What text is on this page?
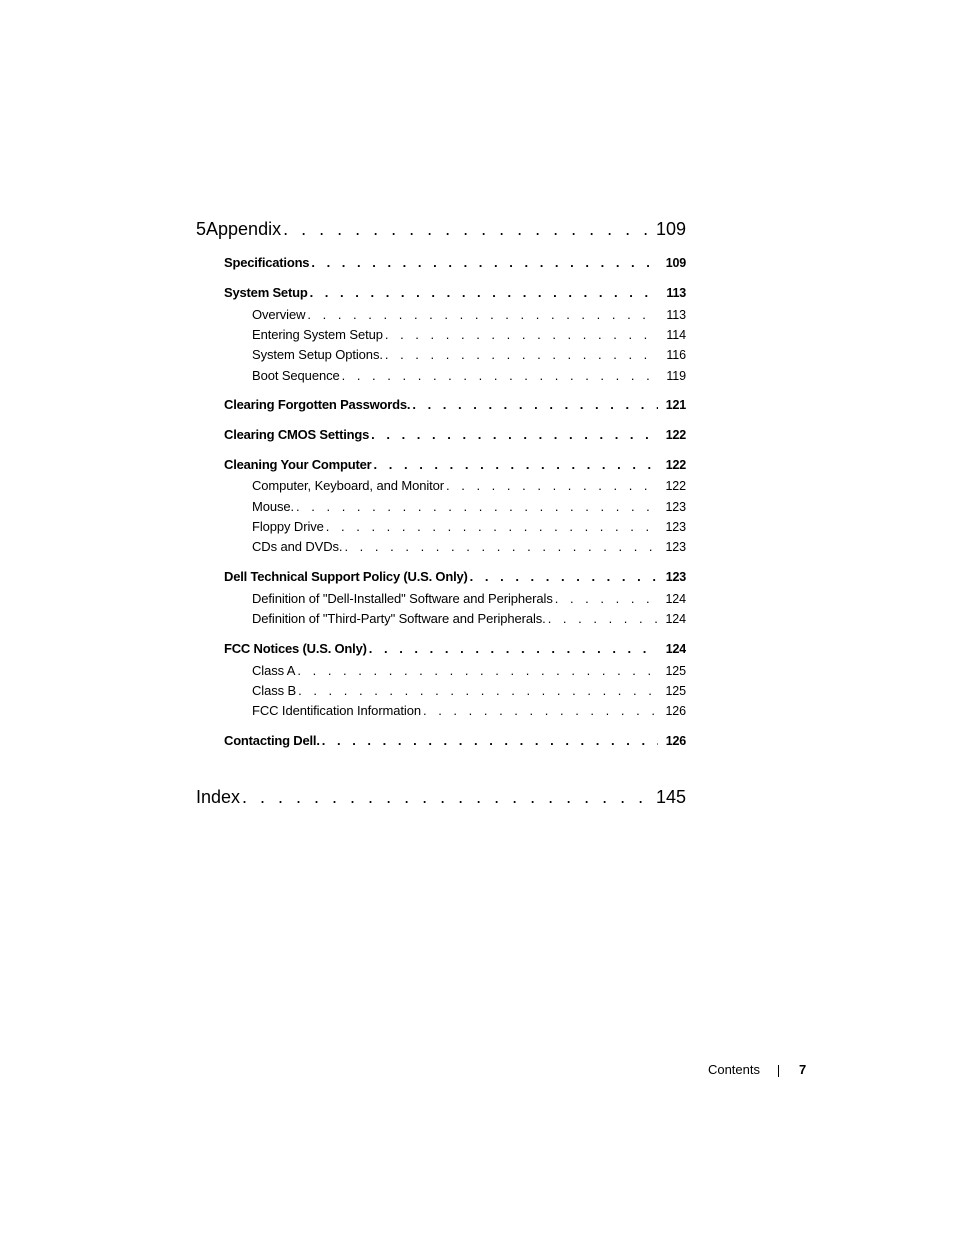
5 Appendix . . .	109
Specifications . . .	109
System Setup . . .	113
Overview . . .	113
Entering System Setup . . .	114
System Setup Options. . . .	116
Boot Sequence . . .	119
Clearing Forgotten Passwords. . . .	121
Clearing CMOS Settings . . .	122
Cleaning Your Computer . . .	122
Computer, Keyboard, and Monitor . . .	122
Mouse. . . .	123
Floppy Drive . . .	123
CDs and DVDs. . . .	123
Dell Technical Support Policy (U.S. Only) . . .	123
Definition of "Dell-Installed" Software and Peripherals . . .	124
Definition of "Third-Party" Software and Peripherals. . . .	124
FCC Notices (U.S. Only) . . .	124
Class A . . .	125
Class B . . .	125
FCC Identification Information . . .	126
Contacting Dell. . . .	126
Index . . .	145
Contents	7
